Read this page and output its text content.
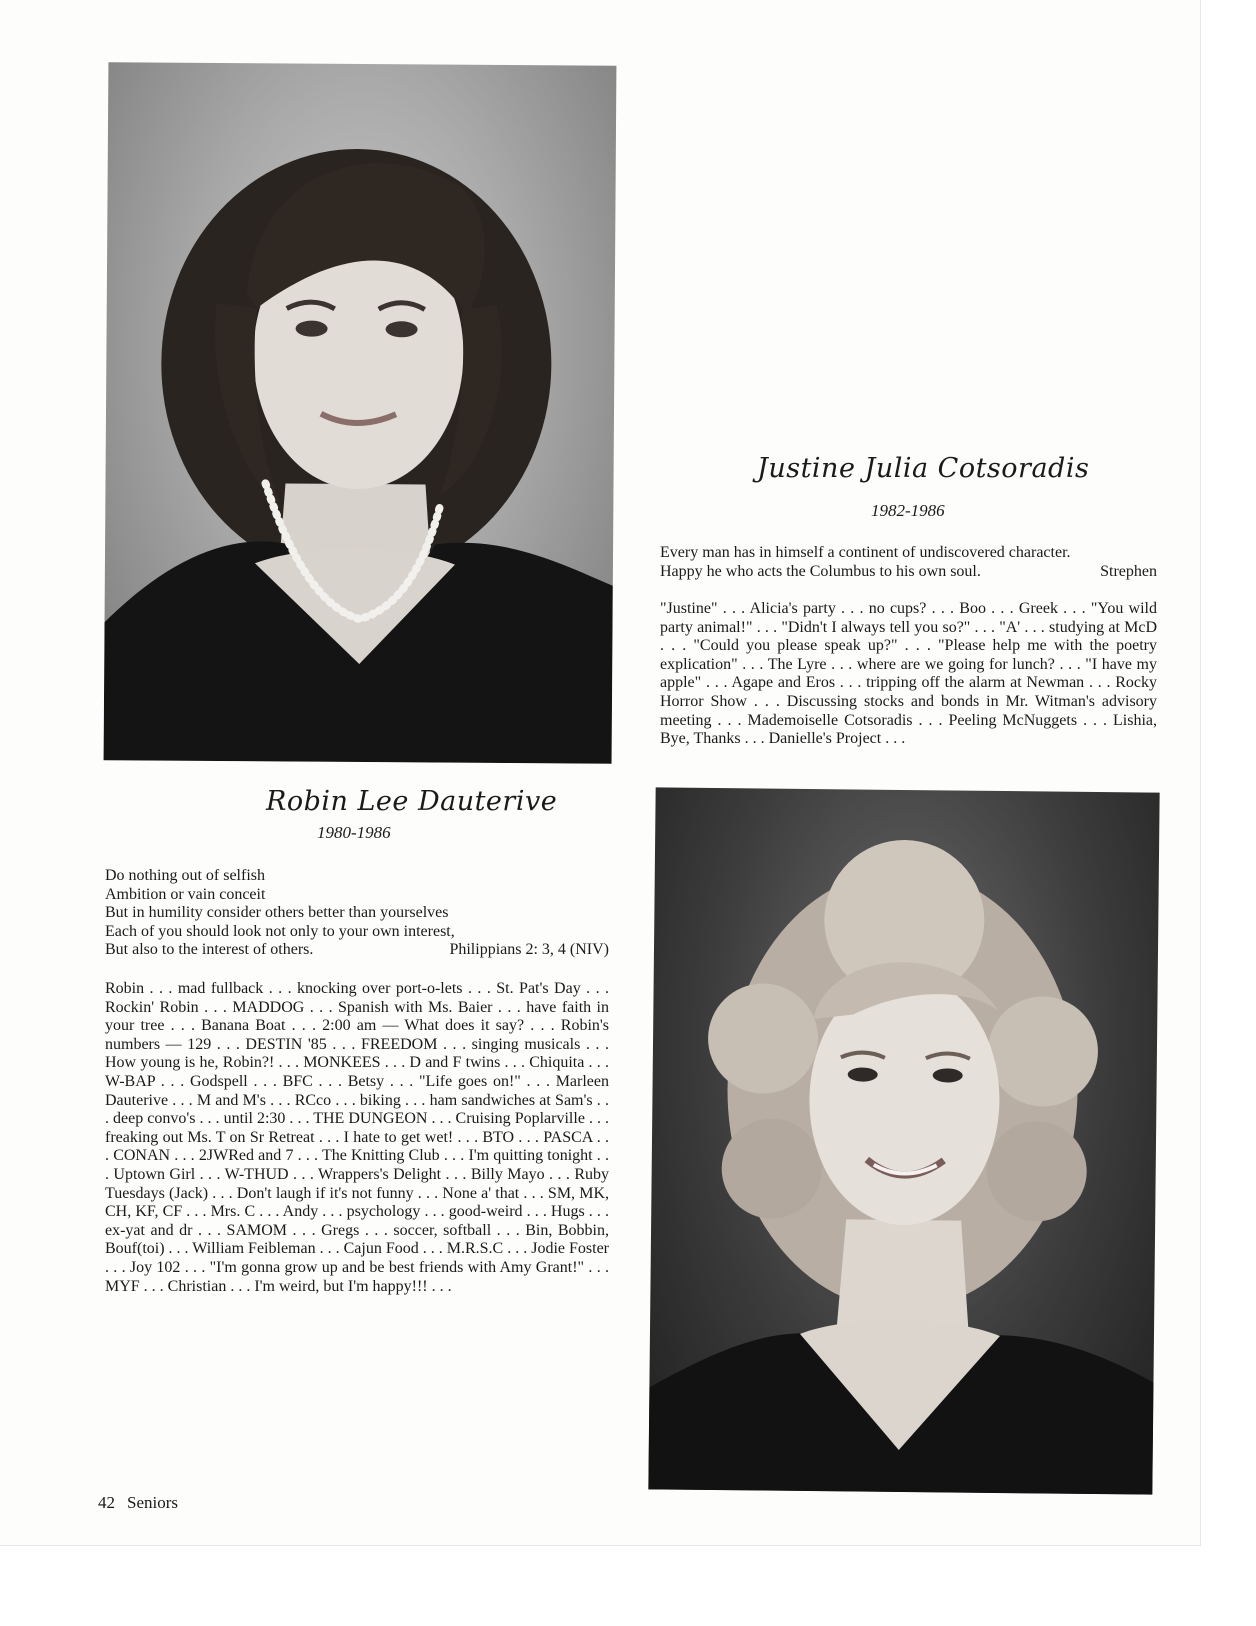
Justine Julia Cotsoradis
1982-1986
Every man has in himself a continent of undiscovered character.
Happy he who acts the Columbus to his own soul.	Strephen
"Justine" . . . Alicia's party . . . no cups? . . . Boo . . . Greek . . . "You wild party animal!" . . . "Didn't I always tell you so?" . . . "A' . . . studying at McD . . . "Could you please speak up?" . . . "Please help me with the poetry explication" . . . The Lyre . . . where are we going for lunch? . . . "I have my apple" . . . Agape and Eros . . . tripping off the alarm at Newman . . . Rocky Horror Show . . . Discussing stocks and bonds in Mr. Witman's advisory meeting . . . Mademoiselle Cotsoradis . . . Peeling McNuggets . . . Lishia, Bye, Thanks . . . Danielle's Project . . .
Robin Lee Dauterive
1980-1986
Do nothing out of selfish
Ambition or vain conceit
But in humility consider others better than yourselves
Each of you should look not only to your own interest,
But also to the interest of others.	Philippians 2: 3, 4 (NIV)
Robin . . . mad fullback . . . knocking over port-o-lets . . . St. Pat's Day . . . Rockin' Robin . . . MADDOG . . . Spanish with Ms. Baier . . . have faith in your tree . . . Banana Boat . . . 2:00 am — What does it say? . . . Robin's numbers — 129 . . . DESTIN '85 . . . FREEDOM . . . singing musicals . . . How young is he, Robin?! . . . MONKEES . . . D and F twins . . . Chiquita . . . W-BAP . . . Godspell . . . BFC . . . Betsy . . . "Life goes on!" . . . Marleen Dauterive . . . M and M's . . . RCco . . . biking . . . ham sandwiches at Sam's . . . deep convo's . . . until 2:30 . . . THE DUNGEON . . . Cruising Poplarville . . . freaking out Ms. T on Sr Retreat . . . I hate to get wet! . . . BTO . . . PASCA . . . CONAN . . . 2JWRed and 7 . . . The Knitting Club . . . I'm quitting tonight . . . Uptown Girl . . . W-THUD . . . Wrappers's Delight . . . Billy Mayo . . . Ruby Tuesdays (Jack) . . . Don't laugh if it's not funny . . . None a' that . . . SM, MK, CH, KF, CF . . . Mrs. C . . . Andy . . . psychology . . . good-weird . . . Hugs . . . ex-yat and dr . . . SAMOM . . . Gregs . . . soccer, softball . . . Bin, Bobbin, Bouf(toi) . . . William Feibleman . . . Cajun Food . . . M.R.S.C . . . Jodie Foster . . . Joy 102 . . . "I'm gonna grow up and be best friends with Amy Grant!" . . . MYF . . . Christian . . . I'm weird, but I'm happy!!! . . .
42 Seniors
